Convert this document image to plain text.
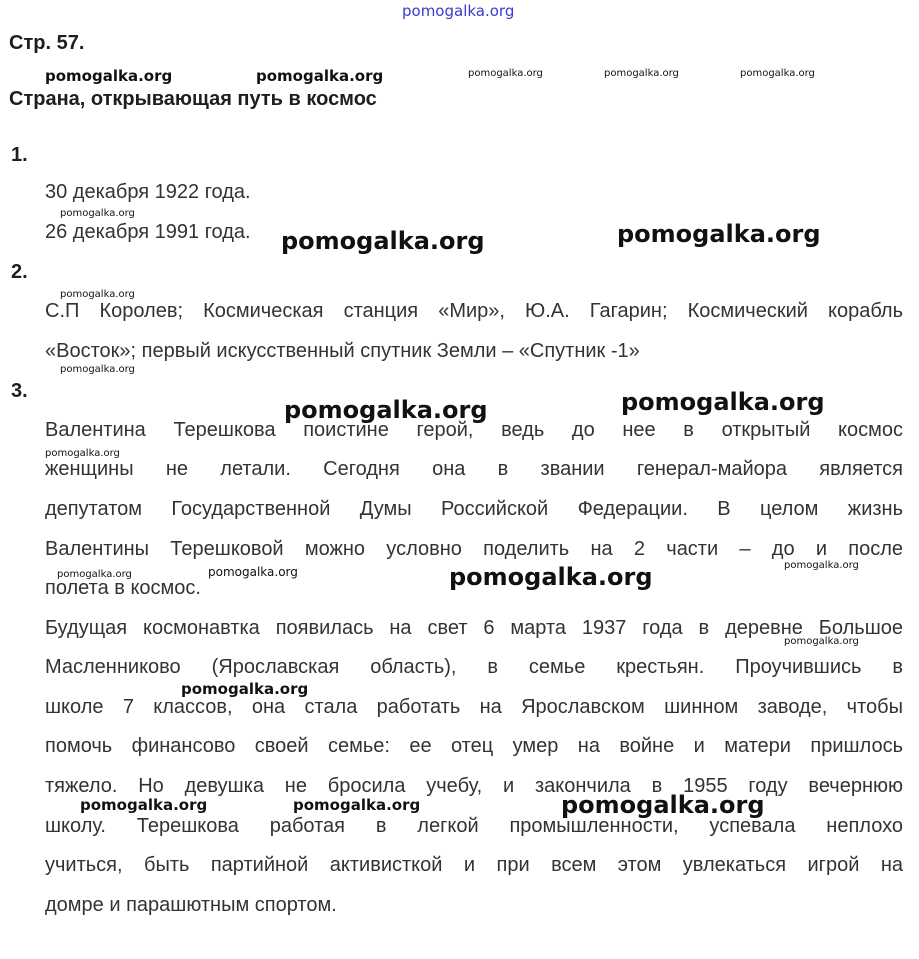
pomogalka.org
pomogalka.org	pomogalka.org	pomogalka.org	pomogalka.org	pomogalka.org
pomogalka.org
pomogalka.org	pomogalka.org
pomogalka.org
pomogalka.org
pomogalka.org	pomogalka.org
pomogalka.org
pomogalka.org	pomogalka.org	pomogalka.org	pomogalka.org
pomogalka.org
pomogalka.org
pomogalka.org	pomogalka.org	pomogalka.org
Стр. 57.
Страна, открывающая путь в космос
1.
30 декабря 1922 года.
26 декабря 1991 года.
2.
С.П Королев; Космическая станция «Мир», Ю.А. Гагарин; Космический корабль
«Восток»; первый искусственный спутник Земли – «Спутник -1»
3.
Валентина Терешкова поистине герой, ведь до нее в открытый космос
женщины не летали. Сегодня она в звании генерал-майора является
депутатом Государственной Думы Российской Федерации. В целом жизнь
Валентины Терешковой можно условно поделить на 2 части – до и после
полета в космос.
Будущая космонавтка появилась на свет 6 марта 1937 года в деревне Большое
Масленниково (Ярославская область), в семье крестьян. Проучившись в
школе 7 классов, она стала работать на Ярославском шинном заводе, чтобы
помочь финансово своей семье: ее отец умер на войне и матери пришлось
тяжело. Но девушка не бросила учебу, и закончила в 1955 году вечернюю
школу. Терешкова работая в легкой промышленности, успевала неплохо
учиться, быть партийной активисткой и при всем этом увлекаться игрой на
домре и парашютным спортом.
